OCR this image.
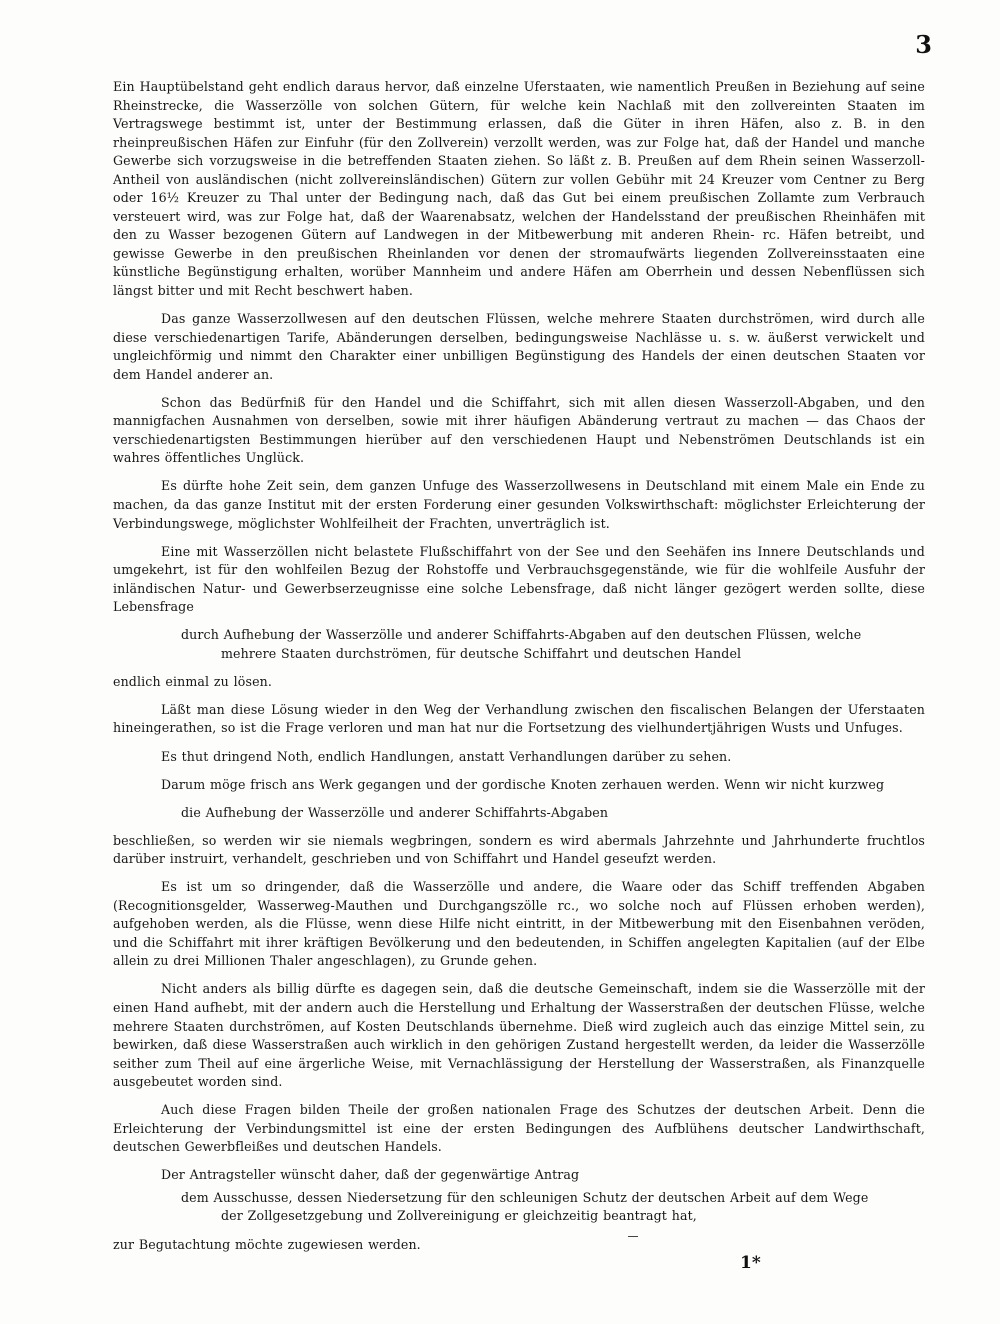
3

Ein Hauptübelstand geht endlich daraus hervor, daß einzelne Uferstaaten, wie namentlich Preußen in Beziehung auf seine Rheinstrecke, die Wasserzölle von solchen Gütern, für welche kein Nachlaß mit den zollvereinten Staaten im Vertragswege bestimmt ist, unter der Bestimmung erlassen, daß die Güter in ihren Häfen, also z. B. in den rheinpreußischen Häfen zur Einfuhr (für den Zollverein) verzollt werden, was zur Folge hat, daß der Handel und manche Gewerbe sich vorzugsweise in die betreffenden Staaten ziehen. So läßt z. B. Preußen auf dem Rhein seinen Wasserzoll-Antheil von ausländischen (nicht zollvereinsländischen) Gütern zur vollen Gebühr mit 24 Kreuzer vom Centner zu Berg oder 16½ Kreuzer zu Thal unter der Bedingung nach, daß das Gut bei einem preußischen Zollamte zum Verbrauch versteuert wird, was zur Folge hat, daß der Waarenabsatz, welchen der Handelsstand der preußischen Rheinhäfen mit den zu Wasser bezogenen Gütern auf Landwegen in der Mitbewerbung mit anderen Rhein- rc. Häfen betreibt, und gewisse Gewerbe in den preußischen Rheinlanden vor denen der stromaufwärts liegenden Zollvereinsstaaten eine künstliche Begünstigung erhalten, worüber Mannheim und andere Häfen am Oberrhein und dessen Nebenflüssen sich längst bitter und mit Recht beschwert haben.

Das ganze Wasserzollwesen auf den deutschen Flüssen, welche mehrere Staaten durchströmen, wird durch alle diese verschiedenartigen Tarife, Abänderungen derselben, bedingungsweise Nachlässe u. s. w. äußerst verwickelt und ungleichförmig und nimmt den Charakter einer unbilligen Begünstigung des Handels der einen deutschen Staaten vor dem Handel anderer an.

Schon das Bedürfniß für den Handel und die Schiffahrt, sich mit allen diesen Wasserzoll-Abgaben, und den mannigfachen Ausnahmen von derselben, sowie mit ihrer häufigen Abänderung vertraut zu machen — das Chaos der verschiedenartigsten Bestimmungen hierüber auf den verschiedenen Haupt und Nebenströmen Deutschlands ist ein wahres öffentliches Unglück.

Es dürfte hohe Zeit sein, dem ganzen Unfuge des Wasserzollwesens in Deutschland mit einem Male ein Ende zu machen, da das ganze Institut mit der ersten Forderung einer gesunden Volkswirthschaft: möglichster Erleichterung der Verbindungswege, möglichster Wohlfeilheit der Frachten, unverträglich ist.

Eine mit Wasserzöllen nicht belastete Flußschiffahrt von der See und den Seehäfen ins Innere Deutschlands und umgekehrt, ist für den wohlfeilen Bezug der Rohstoffe und Verbrauchsgegenstände, wie für die wohlfeile Ausfuhr der inländischen Natur- und Gewerbserzeugnisse eine solche Lebensfrage, daß nicht länger gezögert werden sollte, diese Lebensfrage

durch Aufhebung der Wasserzölle und anderer Schiffahrts-Abgaben auf den deutschen Flüssen, welche
mehrere Staaten durchströmen, für deutsche Schiffahrt und deutschen Handel

endlich einmal zu lösen.

Läßt man diese Lösung wieder in den Weg der Verhandlung zwischen den fiscalischen Belangen der Uferstaaten hineingerathen, so ist die Frage verloren und man hat nur die Fortsetzung des vielhundertjährigen Wusts und Unfuges.

Es thut dringend Noth, endlich Handlungen, anstatt Verhandlungen darüber zu sehen.

Darum möge frisch ans Werk gegangen und der gordische Knoten zerhauen werden. Wenn wir nicht kurzweg

die Aufhebung der Wasserzölle und anderer Schiffahrts-Abgaben

beschließen, so werden wir sie niemals wegbringen, sondern es wird abermals Jahrzehnte und Jahrhunderte fruchtlos darüber instruirt, verhandelt, geschrieben und von Schiffahrt und Handel geseufzt werden.

Es ist um so dringender, daß die Wasserzölle und andere, die Waare oder das Schiff treffenden Abgaben (Recognitionsgelder, Wasserweg-Mauthen und Durchgangszölle rc., wo solche noch auf Flüssen erhoben werden), aufgehoben werden, als die Flüsse, wenn diese Hilfe nicht eintritt, in der Mitbewerbung mit den Eisenbahnen veröden, und die Schiffahrt mit ihrer kräftigen Bevölkerung und den bedeutenden, in Schiffen angelegten Kapitalien (auf der Elbe allein zu drei Millionen Thaler angeschlagen), zu Grunde gehen.

Nicht anders als billig dürfte es dagegen sein, daß die deutsche Gemeinschaft, indem sie die Wasserzölle mit der einen Hand aufhebt, mit der andern auch die Herstellung und Erhaltung der Wasserstraßen der deutschen Flüsse, welche mehrere Staaten durchströmen, auf Kosten Deutschlands übernehme. Dieß wird zugleich auch das einzige Mittel sein, zu bewirken, daß diese Wasserstraßen auch wirklich in den gehörigen Zustand hergestellt werden, da leider die Wasserzölle seither zum Theil auf eine ärgerliche Weise, mit Vernachlässigung der Herstellung der Wasserstraßen, als Finanzquelle ausgebeutet worden sind.

Auch diese Fragen bilden Theile der großen nationalen Frage des Schutzes der deutschen Arbeit. Denn die Erleichterung der Verbindungsmittel ist eine der ersten Bedingungen des Aufblühens deutscher Landwirthschaft, deutschen Gewerbfleißes und deutschen Handels.

Der Antragsteller wünscht daher, daß der gegenwärtige Antrag

dem Ausschusse, dessen Niedersetzung für den schleunigen Schutz der deutschen Arbeit auf dem Wege
der Zollgesetzgebung und Zollvereinigung er gleichzeitig beantragt hat,

zur Begutachtung möchte zugewiesen werden.

1*
